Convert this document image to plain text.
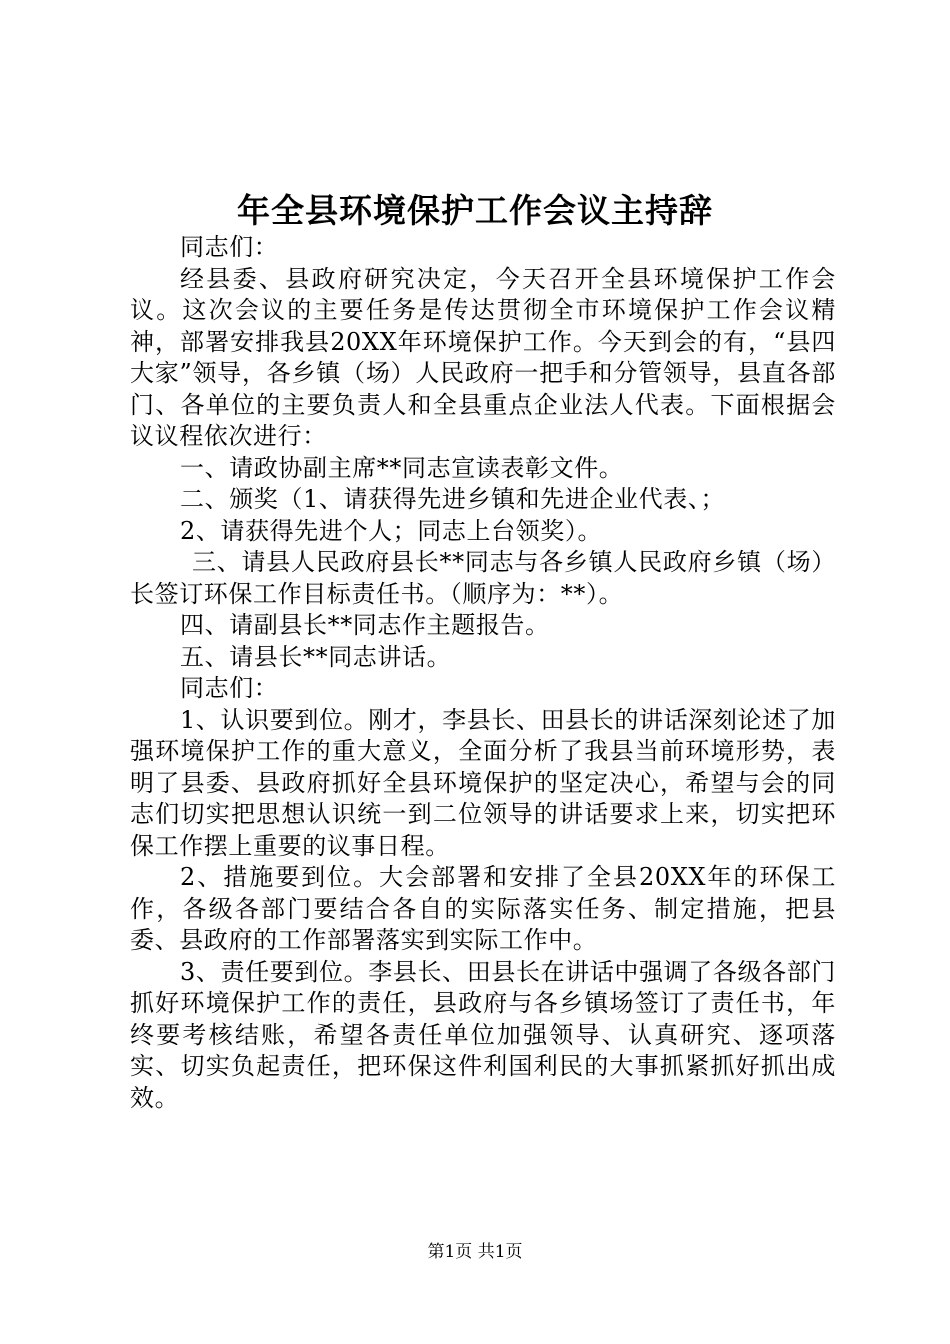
年全县环境保护工作会议主持辞

同志们：

经县委、县政府研究决定，今天召开全县环境保护工作会议。这次会议的主要任务是传达贯彻全市环境保护工作会议精神，部署安排我县20XX年环境保护工作。今天到会的有，“县四大家”领导，各乡镇（场）人民政府一把手和分管领导，县直各部门、各单位的主要负责人和全县重点企业法人代表。下面根据会议议程依次进行：

一、请政协副主席**同志宣读表彰文件。

二、颁奖（1、请获得先进乡镇和先进企业代表、；

2、请获得先进个人；同志上台领奖）。

三、请县人民政府县长**同志与各乡镇人民政府乡镇（场）长签订环保工作目标责任书。（顺序为：**）。

四、请副县长**同志作主题报告。

五、请县长**同志讲话。

同志们：

1、认识要到位。刚才，李县长、田县长的讲话深刻论述了加强环境保护工作的重大意义，全面分析了我县当前环境形势，表明了县委、县政府抓好全县环境保护的坚定决心，希望与会的同志们切实把思想认识统一到二位领导的讲话要求上来，切实把环保工作摆上重要的议事日程。

2、措施要到位。大会部署和安排了全县20XX年的环保工作，各级各部门要结合各自的实际落实任务、制定措施，把县委、县政府的工作部署落实到实际工作中。

3、责任要到位。李县长、田县长在讲话中强调了各级各部门抓好环境保护工作的责任，县政府与各乡镇场签订了责任书，年终要考核结账，希望各责任单位加强领导、认真研究、逐项落实、切实负起责任，把环保这件利国利民的大事抓紧抓好抓出成效。

第1页 共1页
